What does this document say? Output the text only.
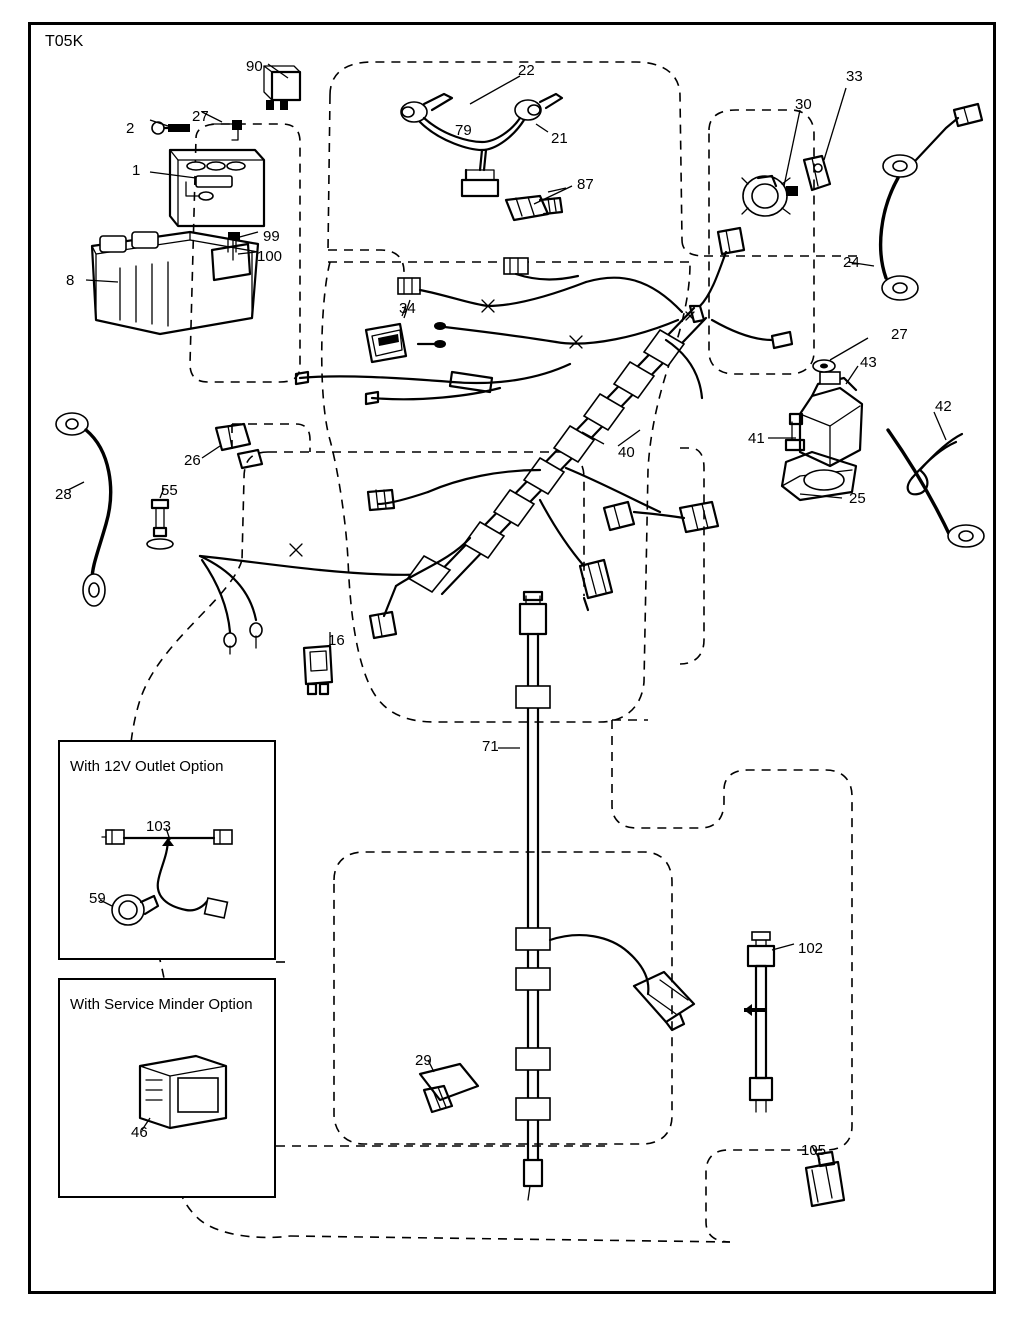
T05K
With 12V Outlet Option
With Service Minder Option
90
2
27
1
99
100
8
22
79	21
87
30
33
24
34
27
43
42
41
25
40
26
28	55
16
71
102
29
105
103
59
46
